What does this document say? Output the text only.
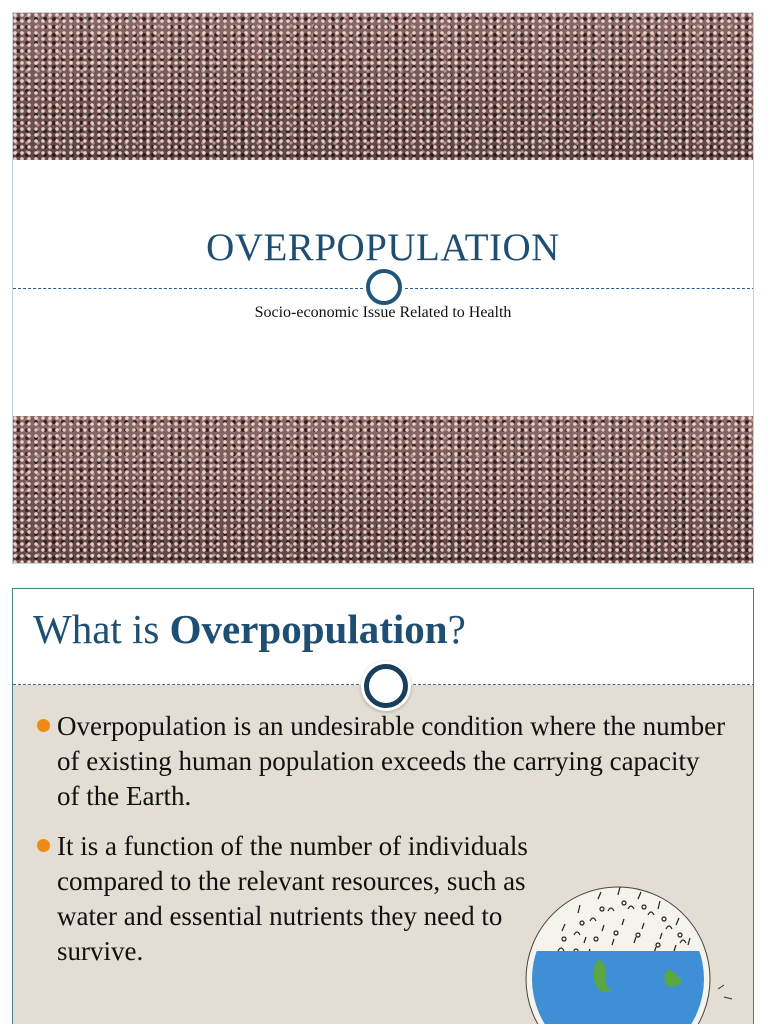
OVERPOPULATION
Socio-economic Issue Related to Health
What is Overpopulation?
Overpopulation is an undesirable condition where the number of existing human population exceeds the carrying capacity of the Earth.
It is a function of the number of individuals compared to the relevant resources, such as water and essential nutrients they need to survive.
